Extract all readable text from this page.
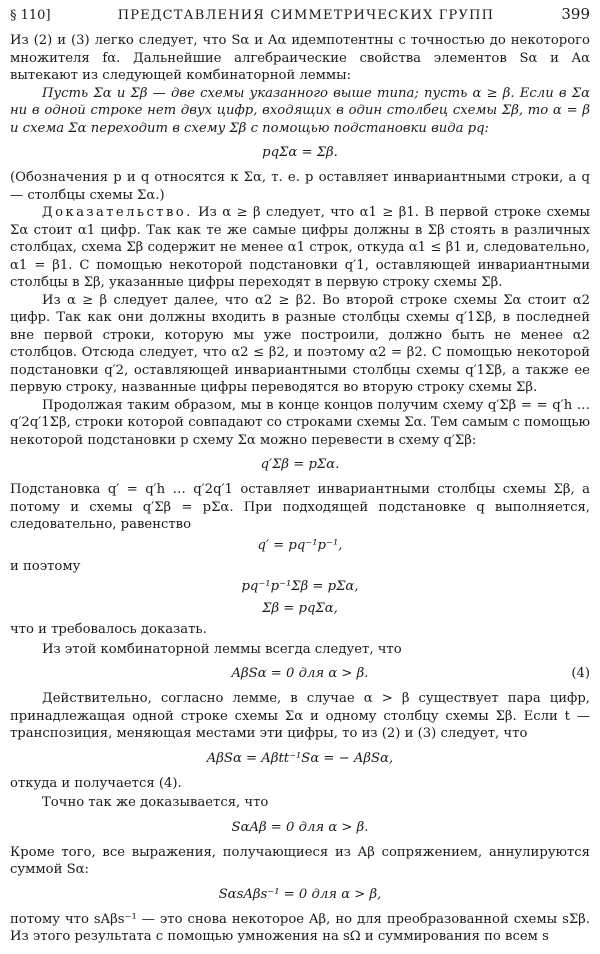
§ 110]	ПРЕДСТАВЛЕНИЯ СИММЕТРИЧЕСКИХ ГРУПП	399

Из (2) и (3) легко следует, что Sα и Aα идемпотентны с точностью до некоторого множителя fα. Дальнейшие алгебраические свойства элементов Sα и Aα вытекают из следующей комбинаторной леммы:

Пусть Σα и Σβ — две схемы указанного выше типа; пусть α ≥ β. Если в Σα ни в одной строке нет двух цифр, входящих в один столбец схемы Σβ, то α = β и схема Σα переходит в схему Σβ с помощью подстановки вида pq:

pqΣα = Σβ.

(Обозначения p и q относятся к Σα, т. е. p оставляет инвариантными строки, а q — столбцы схемы Σα.)

Доказательство. Из α ≥ β следует, что α1 ≥ β1. В первой строке схемы Σα стоит α1 цифр. Так как те же самые цифры должны в Σβ стоять в различных столбцах, схема Σβ содержит не менее α1 строк, откуда α1 ≤ β1 и, следовательно, α1 = β1. С помощью некоторой подстановки q′1, оставляющей инвариантными столбцы в Σβ, указанные цифры переходят в первую строку схемы Σβ.

Из α ≥ β следует далее, что α2 ≥ β2. Во второй строке схемы Σα стоит α2 цифр. Так как они должны входить в разные столбцы схемы q′1Σβ, в последней вне первой строки, которую мы уже построили, должно быть не менее α2 столбцов. Отсюда следует, что α2 ≤ β2, и поэтому α2 = β2. С помощью некоторой подстановки q′2, оставляющей инвариантными столбцы схемы q′1Σβ, а также ее первую строку, названные цифры переводятся во вторую строку схемы Σβ.

Продолжая таким образом, мы в конце концов получим схему q′Σβ = = q′h … q′2q′1Σβ, строки которой совпадают со строками схемы Σα. Тем самым с помощью некоторой подстановки p схему Σα можно перевести в схему q′Σβ:

q′Σβ = pΣα.

Подстановка q′ = q′h … q′2q′1 оставляет инвариантными столбцы схемы Σβ, а потому и схемы q′Σβ = pΣα. При подходящей подстановке q выполняется, следовательно, равенство

q′ = pq⁻¹p⁻¹,

и поэтому

pq⁻¹p⁻¹Σβ = pΣα,
Σβ = pqΣα,

что и требовалось доказать.

Из этой комбинаторной леммы всегда следует, что

AβSα = 0 для α > β.	(4)

Действительно, согласно лемме, в случае α > β существует пара цифр, принадлежащая одной строке схемы Σα и одному столбцу схемы Σβ. Если t — транспозиция, меняющая местами эти цифры, то из (2) и (3) следует, что

AβSα = Aβtt⁻¹Sα = − AβSα,

откуда и получается (4).

Точно так же доказывается, что

SαAβ = 0 для α > β.

Кроме того, все выражения, получающиеся из Aβ сопряжением, аннулируются суммой Sα:

SαsAβs⁻¹ = 0 для α > β,

потому что sAβs⁻¹ — это снова некоторое Aβ, но для преобразованной схемы sΣβ. Из этого результата с помощью умножения на sΩ и суммирования по всем s
